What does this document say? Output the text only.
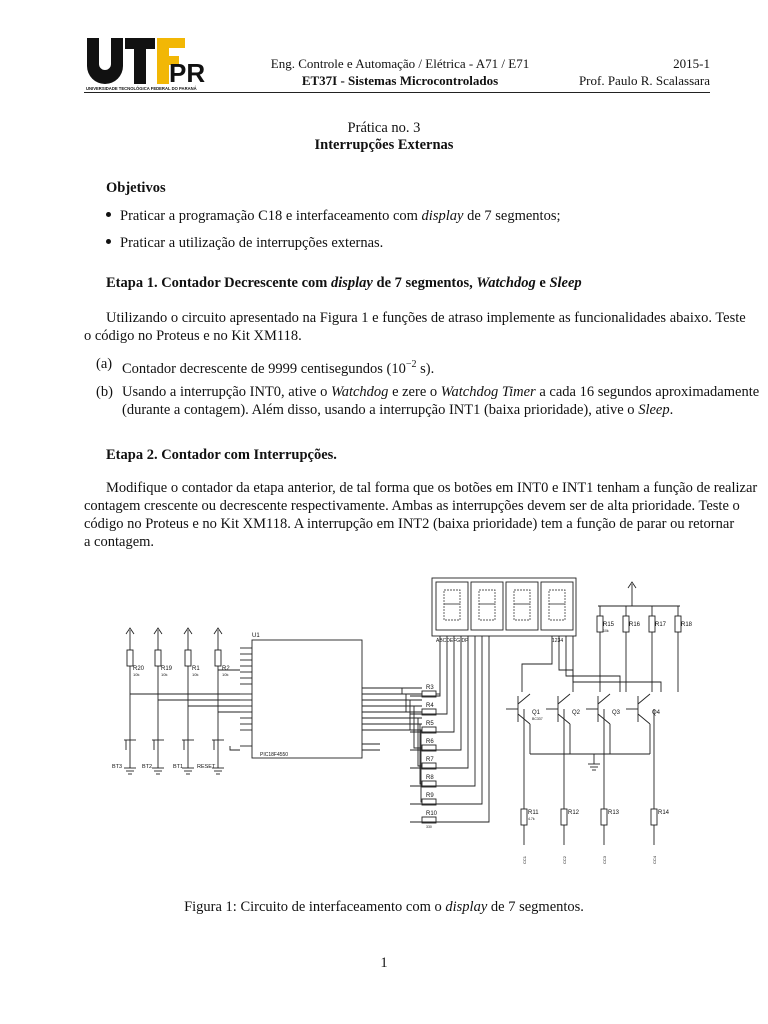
PR
UNIVERSIDADE TECNOLÓGICA FEDERAL DO PARANÁ
Eng. Controle e Automação / Elétrica - A71 / E71
ET37I - Sistemas Microcontrolados
2015-1
Prof. Paulo R. Scalassara
Prática no. 3
Interrupções Externas
Objetivos
Praticar a programação C18 e interfaceamento com display de 7 segmentos;
Praticar a utilização de interrupções externas.
Etapa 1. Contador Decrescente com display de 7 segmentos, Watchdog e Sleep
Utilizando o circuito apresentado na Figura 1 e funções de atraso implemente as funcionalidades abaixo. Teste
o código no Proteus e no Kit XM118.
(a) Contador decrescente de 9999 centisegundos ($10^{-2}$ s).
(b) Usando a interrupção INT0, ative o Watchdog e zere o Watchdog Timer a cada 16 segundos aproximadamente
(durante a contagem). Além disso, usando a interrupção INT1 (baixa prioridade), ative o Sleep.
Etapa 2. Contador com Interrupções.
Modifique o contador da etapa anterior, de tal forma que os botões em INT0 e INT1 tenham a função de realizar
contagem crescente ou decrescente respectivamente. Ambas as interrupções devem ser de alta prioridade. Teste o
código no Proteus e no Kit XM118. A interrupção em INT2 (baixa prioridade) tem a função de parar ou retornar
a contagem.
ABCDEFG DP	1234
U1
PIC18F4550
R20	R19	R1	R2
10k	10k	10k	10k
BT3	BT2	BT1	RESET
R3
R4
R5
R6
R7
R8
R9
R10
330
R15 R16 R17 R18
10k
Q1	Q2	Q3	Q4
BC337
R11	R12	R13	R14
4.7k
CC1	CC2	CC3	CC4
Figura 1: Circuito de interfaceamento com o display de 7 segmentos.
1
